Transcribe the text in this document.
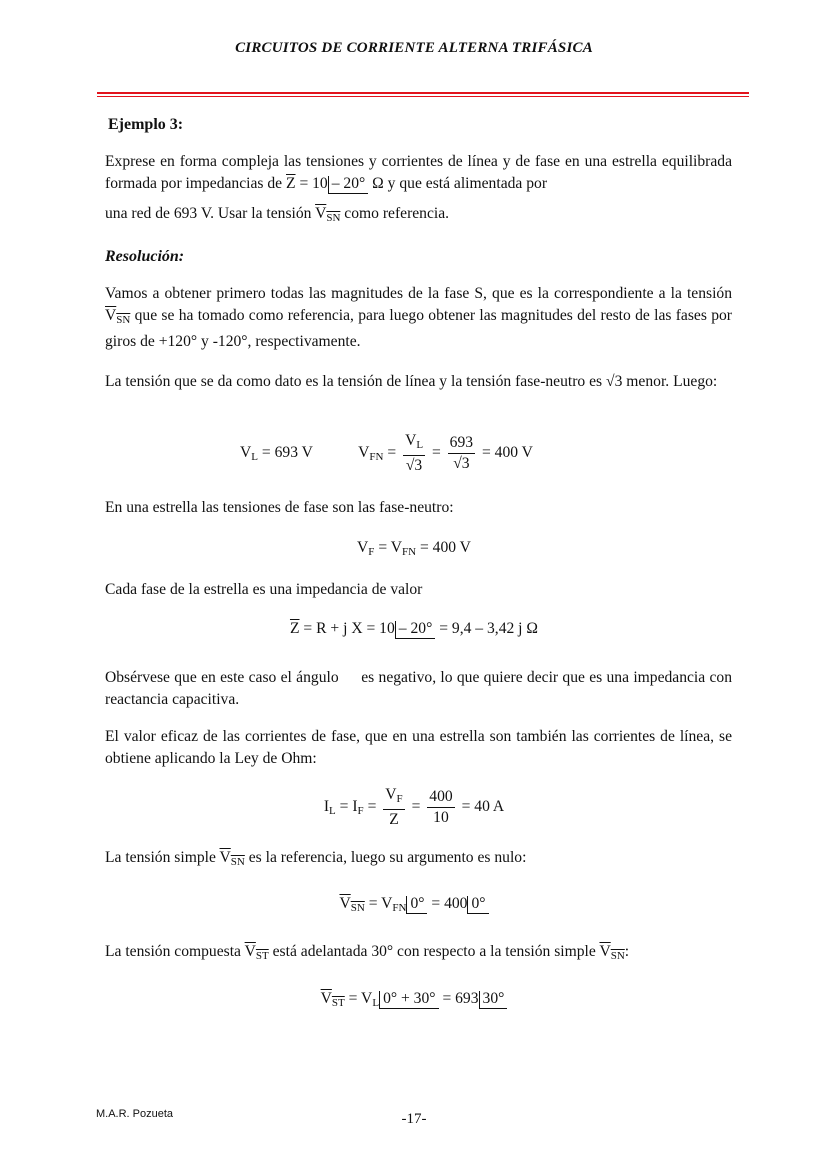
CIRCUITOS DE CORRIENTE ALTERNA TRIFÁSICA
Ejemplo 3:
Exprese en forma compleja las tensiones y corrientes de línea y de fase en una estrella equilibrada formada por impedancias de $\overline{Z} = 10 - 20^\circ$ Ω y que está alimentada por
una red de 693 V. Usar la tensión $V_{SN}$ como referencia.
Resolución:
Vamos a obtener primero todas las magnitudes de la fase S, que es la correspondiente a la tensión $V_{SN}$ que se ha tomado como referencia, para luego obtener las magnitudes del resto de las fases por giros de +120° y -120°, respectivamente.
La tensión que se da como dato es la tensión de línea y la tensión fase-neutro es √3 menor. Luego:
$V_L = 693$ V	$V_{FN} = \frac{V_L}{√3} = \frac{693}{√3} = 400$ V
En una estrella las tensiones de fase son las fase-neutro:
$V_F = V_{FN} = 400$ V
Cada fase de la estrella es una impedancia de valor
$\overline{Z} = R + j$ X = 10 – 20° = 9,4 – 3,42 j Ω
Obsérvese que en este caso el ángulo es negativo, lo que quiere decir que es una impedancia con reactancia capacitiva.
El valor eficaz de las corrientes de fase, que en una estrella son también las corrientes de línea, se obtiene aplicando la Ley de Ohm:
$I_L = I_F = \frac{V_F}{Z} = \frac{400}{10} = 40$ A
La tensión simple $V_{SN}$ es la referencia, luego su argumento es nulo:
$V_{SN} = V_{FN}$ 0° = 400 0°
La tensión compuesta $V_{ST}$ está adelantada 30° con respecto a la tensión simple $V_{SN}$:
$V_{ST} = V_L$ 0° + 30° = 693 30°
M.A.R. Pozueta	-17-
